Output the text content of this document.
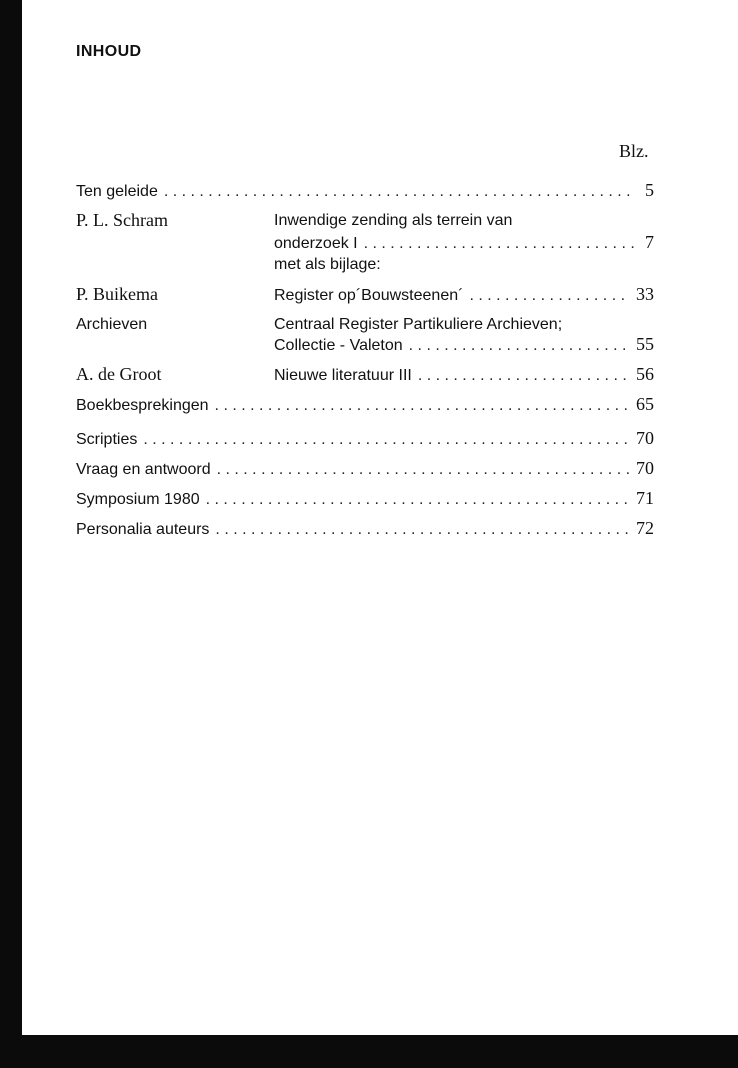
INHOUD
Blz.
Ten geleide . . .	5
P. L. Schram	Inwendige zending als terrein van
onderzoek I . . .	7
met als bijlage:
P. Buikema	Register op´Bouwsteenen´ . . .	33
Archieven	Centraal Register Partikuliere Archieven;
Collectie - Valeton . . .	55
A. de Groot	Nieuwe literatuur III . . .	56
Boekbesprekingen . . .	65
Scripties . . .	70
Vraag en antwoord . . .	70
Symposium 1980 . . .	71
Personalia auteurs . . .	72
